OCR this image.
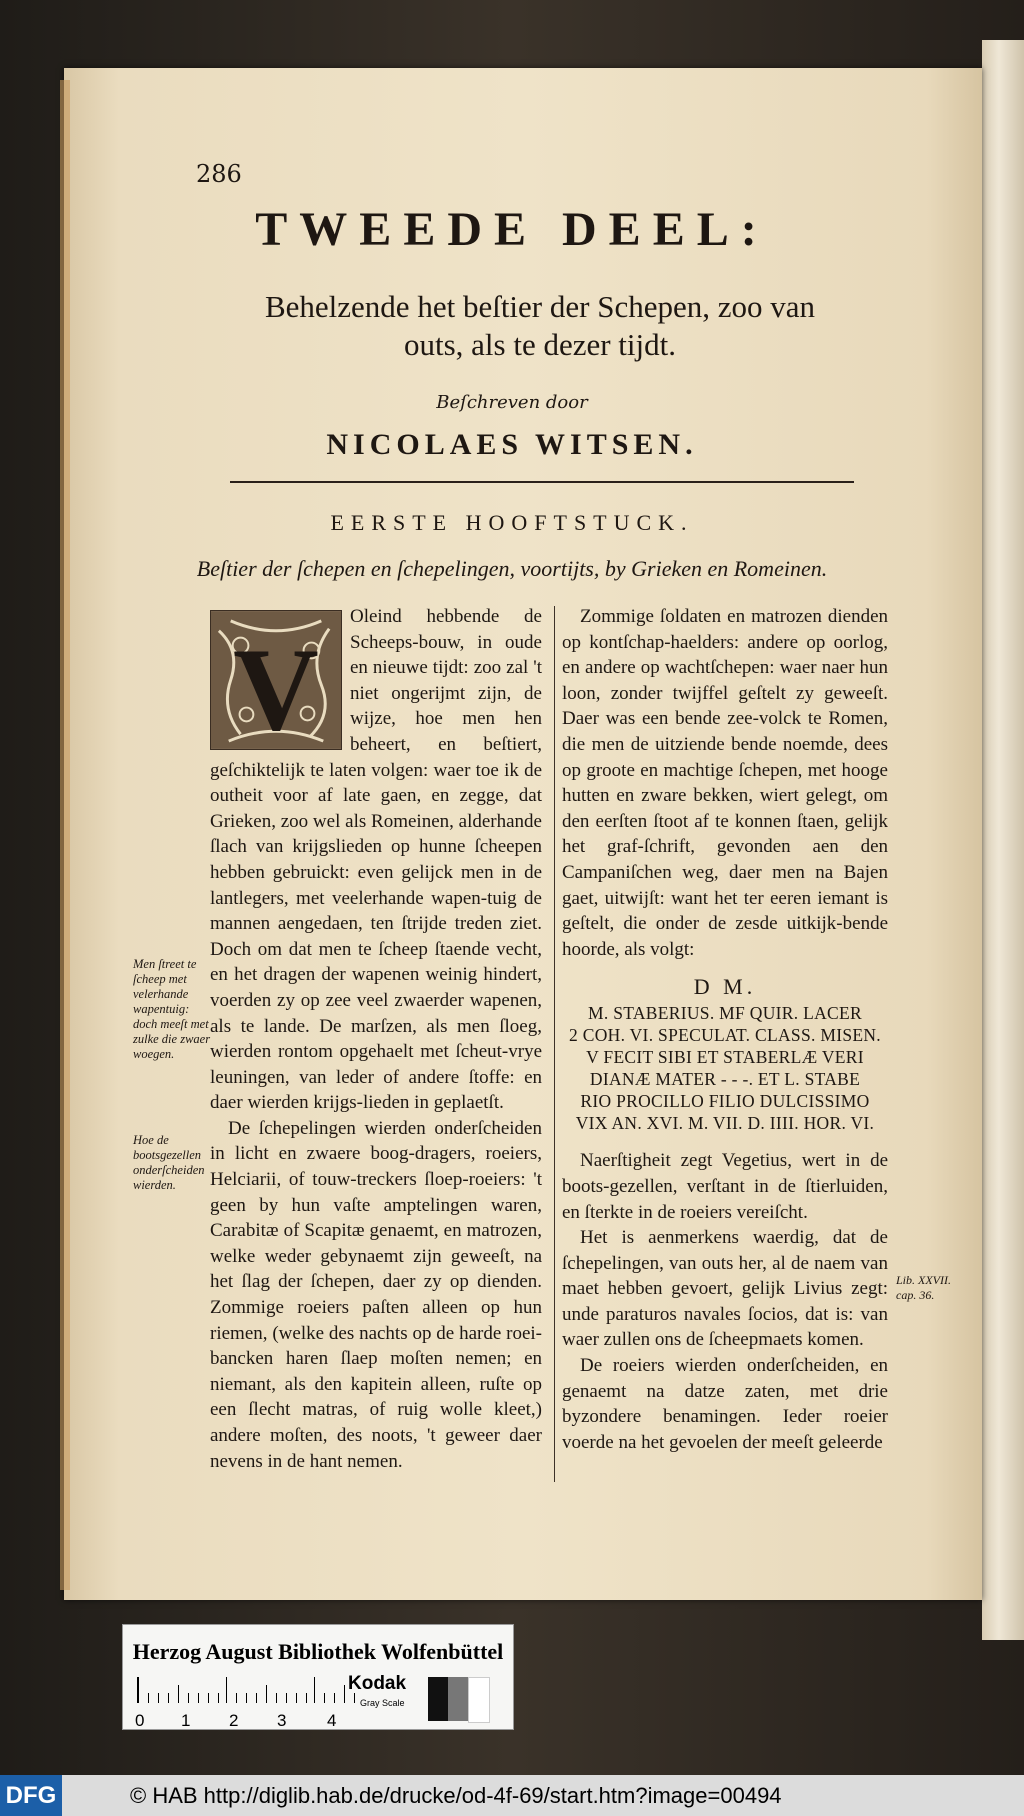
286
TWEEDE DEEL:
Behelzende het beſtier der Schepen, zoo van
outs, als te dezer tijdt.
Beſchreven door
NICOLAES WITSEN.
EERSTE HOOFTSTUCK.
Beſtier der ſchepen en ſchepelingen, voortijts, by Grieken en Romeinen.
V

Oleind hebbende de Scheeps-bouw, in oude en nieuwe tijdt: zoo zal 't niet ongerijmt zijn, de wijze, hoe men hen beheert, en beſtiert, geſchiktelijk te laten volgen: waer toe ik de outheit voor af late gaen, en zegge, dat Grieken, zoo wel als Romeinen, alderhande ſlach van krijgslieden op hunne ſcheepen hebben gebruickt: even gelijck men in de lantlegers, met veelerhande wapen-tuig de mannen aengedaen, ten ſtrijde treden ziet. Doch om dat men te ſcheep ſtaende vecht, en het dragen der wapenen weinig hindert, voerden zy op zee veel zwaerder wapenen, als te lande. De marſzen, als men ſloeg, wierden rontom opgehaelt met ſcheut-vrye leuningen, van leder of andere ſtoffe: en daer wierden krijgs-lieden in geplaetſt.

De ſchepelingen wierden onderſcheiden in licht en zwaere boog-dragers, roeiers, Helciarii, of touw-treckers ſloep-roeiers: 't geen by hun vaſte amptelingen waren, Carabitæ of Scapitæ genaemt, en matrozen, welke weder gebynaemt zijn geweeſt, na het ſlag der ſchepen, daer zy op dienden. Zommige roeiers paſten alleen op hun riemen, (welke des nachts op de harde roei-bancken haren ſlaep moſten nemen; en niemant, als den kapitein alleen, ruſte op een ſlecht matras, of ruig wolle kleet,) andere moſten, des noots, 't geweer daer nevens in de hant nemen.

Zommige ſoldaten en matrozen dienden op kontſchap-haelders: andere op oorlog, en andere op wachtſchepen: waer naer hun loon, zonder twijffel geſtelt zy geweeſt. Daer was een bende zee-volck te Romen, die men de uitziende bende noemde, dees op groote en machtige ſchepen, met hooge hutten en zware bekken, wiert gelegt, om den eerſten ſtoot af te konnen ſtaen, gelijk het graf-ſchrift, gevonden aen den Campaniſchen weg, daer men na Bajen gaet, uitwijſt: want het ter eeren iemant is geſtelt, die onder de zesde uitkijk-bende hoorde, als volgt:

D M.
M. STABERIUS. MF QUIR. LACER
2 COH. VI. SPECULAT. CLASS. MISEN.
V FECIT SIBI ET STABERLÆ VERI
DIANÆ MATER - - -. ET L. STABE
RIO PROCILLO FILIO DULCISSIMO
VIX AN. XVI. M. VII. D. IIII. HOR. VI.

Naerſtigheit zegt Vegetius, wert in de boots-gezellen, verſtant in de ſtierluiden, en ſterkte in de roeiers vereiſcht.

Het is aenmerkens waerdig, dat de ſchepelingen, van outs her, al de naem van maet hebben gevoert, gelijk Livius zegt: unde paraturos navales ſocios, dat is: van waer zullen ons de ſcheepmaets komen.

De roeiers wierden onderſcheiden, en genaemt na datze zaten, met drie byzondere benamingen. Ieder roeier voerde na het gevoelen der meeſt geleerde

Men ſtreet te ſcheep met velerhande wapentuig: doch meeſt met zulke die zwaer woegen.
Hoe de bootsgezellen onderſcheiden wierden.
Lib. XXVII. cap. 36.
Herzog August Bibliothek Wolfenbüttel
0 1 2 3 4
Kodak
Gray Scale
DFG	© HAB http://diglib.hab.de/drucke/od-4f-69/start.htm?image=00494
